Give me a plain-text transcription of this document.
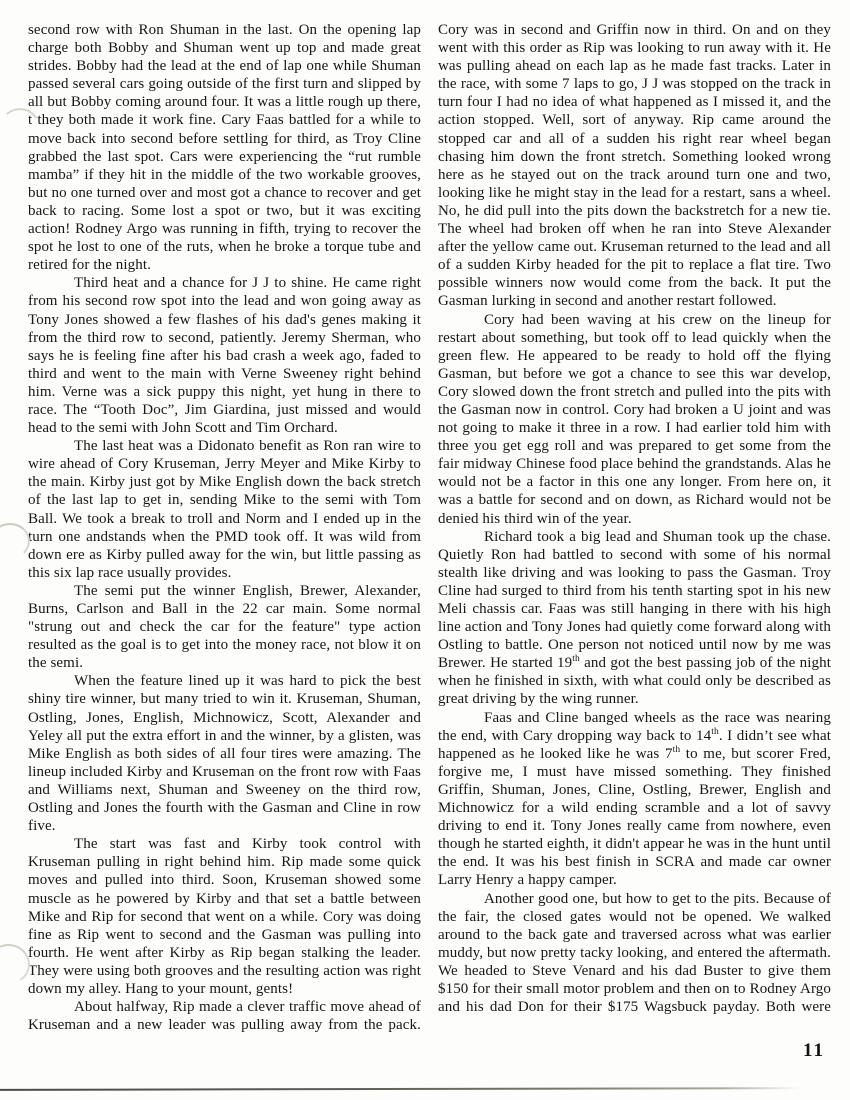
second row with Ron Shuman in the last. On the opening lap charge both Bobby and Shuman went up top and made great strides. Bobby had the lead at the end of lap one while Shuman passed several cars going outside of the first turn and slipped by all but Bobby coming around four. It was a little rough up there, t they both made it work fine. Cary Faas battled for a while to move back into second before settling for third, as Troy Cline grabbed the last spot. Cars were experiencing the “rut rumble mamba” if they hit in the middle of the two workable grooves, but no one turned over and most got a chance to recover and get back to racing. Some lost a spot or two, but it was exciting action! Rodney Argo was running in fifth, trying to recover the spot he lost to one of the ruts, when he broke a torque tube and retired for the night.

Third heat and a chance for J J to shine. He came right from his second row spot into the lead and won going away as Tony Jones showed a few flashes of his dad's genes making it from the third row to second, patiently. Jeremy Sherman, who says he is feeling fine after his bad crash a week ago, faded to third and went to the main with Verne Sweeney right behind him. Verne was a sick puppy this night, yet hung in there to race. The “Tooth Doc”, Jim Giardina, just missed and would head to the semi with John Scott and Tim Orchard.

The last heat was a Didonato benefit as Ron ran wire to wire ahead of Cory Kruseman, Jerry Meyer and Mike Kirby to the main. Kirby just got by Mike English down the back stretch of the last lap to get in, sending Mike to the semi with Tom Ball. We took a break to troll and Norm and I ended up in the turn one andstands when the PMD took off. It was wild from down ere as Kirby pulled away for the win, but little passing as this six lap race usually provides.

The semi put the winner English, Brewer, Alexander, Burns, Carlson and Ball in the 22 car main. Some normal "strung out and check the car for the feature" type action resulted as the goal is to get into the money race, not blow it on the semi.

When the feature lined up it was hard to pick the best shiny tire winner, but many tried to win it. Kruseman, Shuman, Ostling, Jones, English, Michnowicz, Scott, Alexander and Yeley all put the extra effort in and the winner, by a glisten, was Mike English as both sides of all four tires were amazing. The lineup included Kirby and Kruseman on the front row with Faas and Williams next, Shuman and Sweeney on the third row, Ostling and Jones the fourth with the Gasman and Cline in row five.

The start was fast and Kirby took control with Kruseman pulling in right behind him. Rip made some quick moves and pulled into third. Soon, Kruseman showed some muscle as he powered by Kirby and that set a battle between Mike and Rip for second that went on a while. Cory was doing fine as Rip went to second and the Gasman was pulling into fourth. He went after Kirby as Rip began stalking the leader. They were using both grooves and the resulting action was right down my alley. Hang to your mount, gents!

About halfway, Rip made a clever traffic move ahead of Kruseman and a new leader was pulling away from the pack.

Cory was in second and Griffin now in third. On and on they went with this order as Rip was looking to run away with it. He was pulling ahead on each lap as he made fast tracks. Later in the race, with some 7 laps to go, J J was stopped on the track in turn four I had no idea of what happened as I missed it, and the action stopped. Well, sort of anyway. Rip came around the stopped car and all of a sudden his right rear wheel began chasing him down the front stretch. Something looked wrong here as he stayed out on the track around turn one and two, looking like he might stay in the lead for a restart, sans a wheel. No, he did pull into the pits down the backstretch for a new tie. The wheel had broken off when he ran into Steve Alexander after the yellow came out. Kruseman returned to the lead and all of a sudden Kirby headed for the pit to replace a flat tire. Two possible winners now would come from the back. It put the Gasman lurking in second and another restart followed.

Cory had been waving at his crew on the lineup for restart about something, but took off to lead quickly when the green flew. He appeared to be ready to hold off the flying Gasman, but before we got a chance to see this war develop, Cory slowed down the front stretch and pulled into the pits with the Gasman now in control. Cory had broken a U joint and was not going to make it three in a row. I had earlier told him with three you get egg roll and was prepared to get some from the fair midway Chinese food place behind the grandstands. Alas he would not be a factor in this one any longer. From here on, it was a battle for second and on down, as Richard would not be denied his third win of the year.

Richard took a big lead and Shuman took up the chase. Quietly Ron had battled to second with some of his normal stealth like driving and was looking to pass the Gasman. Troy Cline had surged to third from his tenth starting spot in his new Meli chassis car. Faas was still hanging in there with his high line action and Tony Jones had quietly come forward along with Ostling to battle. One person not noticed until now by me was Brewer. He started 19th and got the best passing job of the night when he finished in sixth, with what could only be described as great driving by the wing runner.

Faas and Cline banged wheels as the race was nearing the end, with Cary dropping way back to 14th. I didn’t see what happened as he looked like he was 7th to me, but scorer Fred, forgive me, I must have missed something. They finished Griffin, Shuman, Jones, Cline, Ostling, Brewer, English and Michnowicz for a wild ending scramble and a lot of savvy driving to end it. Tony Jones really came from nowhere, even though he started eighth, it didn't appear he was in the hunt until the end. It was his best finish in SCRA and made car owner Larry Henry a happy camper.

Another good one, but how to get to the pits. Because of the fair, the closed gates would not be opened. We walked around to the back gate and traversed across what was earlier muddy, but now pretty tacky looking, and entered the aftermath. We headed to Steve Venard and his dad Buster to give them $150 for their small motor problem and then on to Rodney Argo and his dad Don for their $175 Wagsbuck payday. Both were

11
